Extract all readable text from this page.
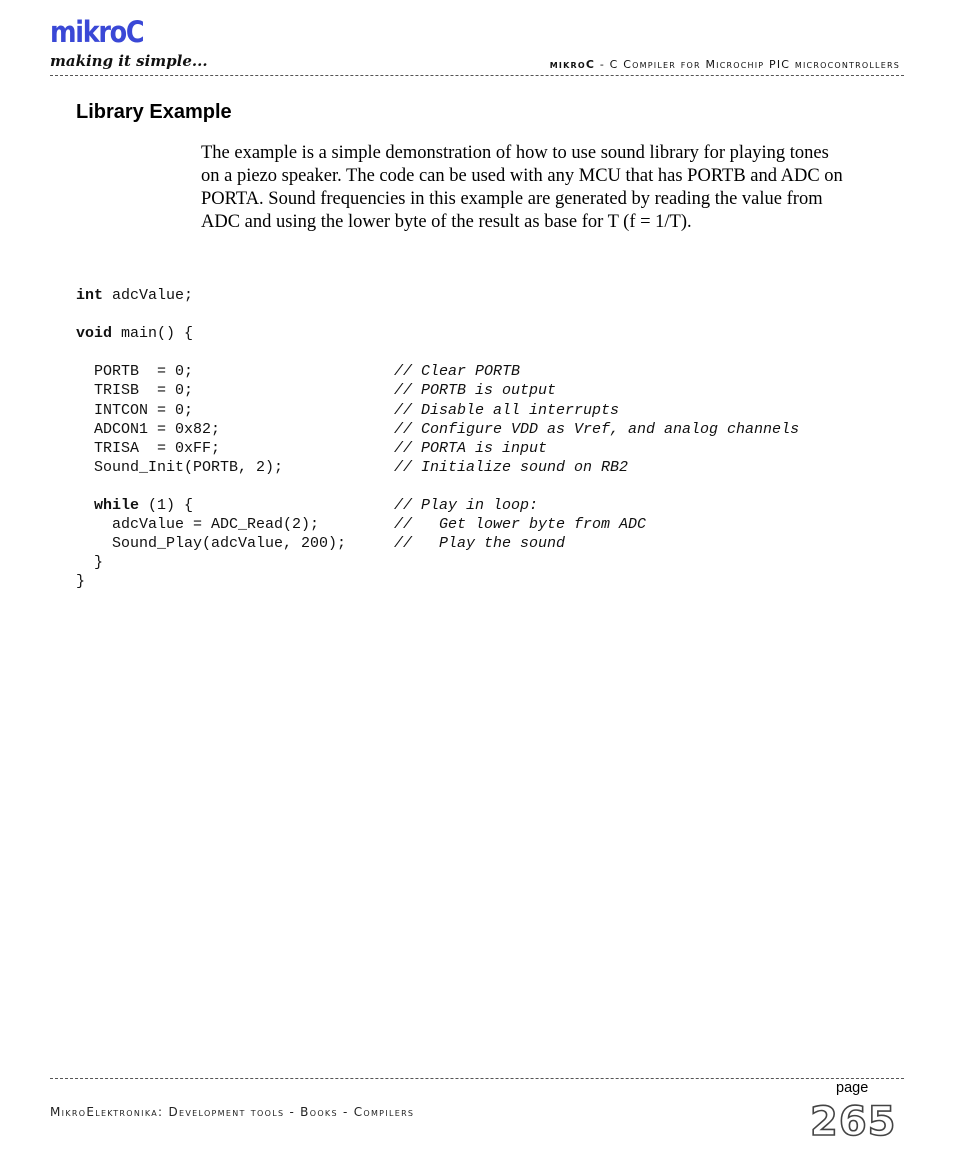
mikroC
making it simple...	mikroC - C Compiler for Microchip PIC microcontrollers
Library Example

The example is a simple demonstration of how to use sound library for playing tones on a piezo speaker. The code can be used with any MCU that has PORTB and ADC on PORTA. Sound frequencies in this example are generated by reading the value from ADC and using the lower byte of the result as base for T (f = 1/T).

int adcValue;
void main() {
PORTB  = 0;	// Clear PORTB
TRISB  = 0;	// PORTB is output
INTCON = 0;	// Disable all interrupts
ADCON1 = 0x82;	// Configure VDD as Vref, and analog channels
TRISA  = 0xFF;	// PORTA is input
Sound_Init(PORTB, 2);	// Initialize sound on RB2
while (1) {	// Play in loop:
adcValue = ADC_Read(2);	//   Get lower byte from ADC
Sound_Play(adcValue, 200);	//   Play the sound
}
}
page
MikroElektronika: Development tools - Books - Compilers	265
